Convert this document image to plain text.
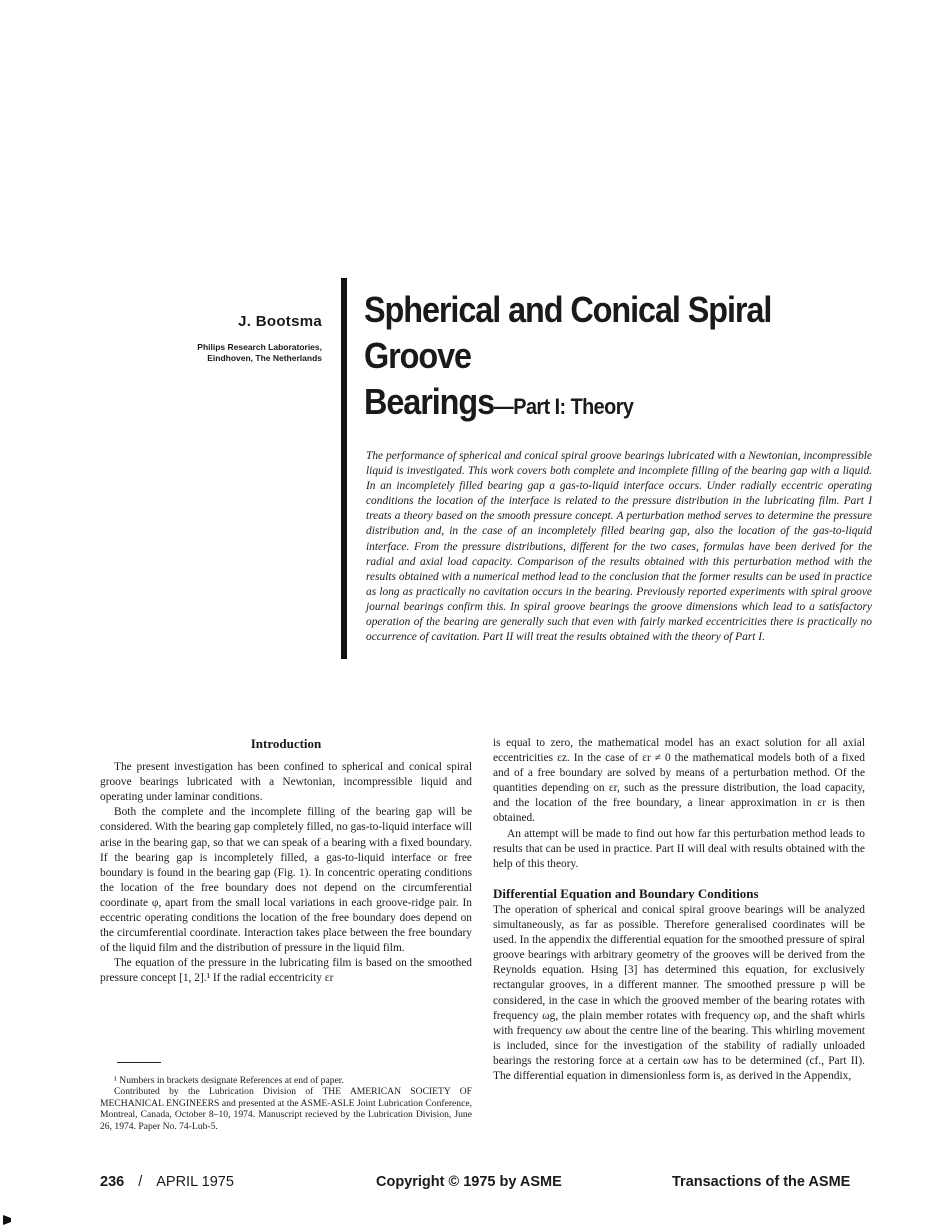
J. Bootsma
Philips Research Laboratories,
Eindhoven, The Netherlands
Spherical and Conical Spiral Groove
Bearings—Part I: Theory
The performance of spherical and conical spiral groove bearings lubricated with a Newtonian, incompressible liquid is investigated. This work covers both complete and incomplete filling of the bearing gap with a liquid. In an incompletely filled bearing gap a gas-to-liquid interface occurs. Under radially eccentric operating conditions the location of the interface is related to the pressure distribution in the lubricating film. Part I treats a theory based on the smooth pressure concept. A perturbation method serves to determine the pressure distribution and, in the case of an incompletely filled bearing gap, also the location of the gas-to-liquid interface. From the pressure distributions, different for the two cases, formulas have been derived for the radial and axial load capacity. Comparison of the results obtained with this perturbation method with the results obtained with a numerical method lead to the conclusion that the former results can be used in practice as long as practically no cavitation occurs in the bearing. Previously reported experiments with spiral groove journal bearings confirm this. In spiral groove bearings the groove dimensions which lead to a satisfactory operation of the bearing are generally such that even with fairly marked eccentricities there is practically no occurrence of cavitation. Part II will treat the results obtained with the theory of Part I.
Introduction

The present investigation has been confined to spherical and conical spiral groove bearings lubricated with a Newtonian, incompressible liquid and operating under laminar conditions.

Both the complete and the incomplete filling of the bearing gap will be considered. With the bearing gap completely filled, no gas-to-liquid interface will arise in the bearing gap, so that we can speak of a bearing with a fixed boundary. If the bearing gap is incompletely filled, a gas-to-liquid interface or free boundary is found in the bearing gap (Fig. 1). In concentric operating conditions the location of the free boundary does not depend on the circumferential coordinate φ, apart from the small local variations in each groove-ridge pair. In eccentric operating conditions the location of the free boundary does depend on the circumferential coordinate. Interaction takes place between the free boundary of the liquid film and the distribution of pressure in the liquid film.

The equation of the pressure in the lubricating film is based on the smoothed pressure concept [1, 2].¹ If the radial eccentricity εr

is equal to zero, the mathematical model has an exact solution for all axial eccentricities εz. In the case of εr ≠ 0 the mathematical models both of a fixed and of a free boundary are solved by means of a perturbation method. Of the quantities depending on εr, such as the pressure distribution, the load capacity, and the location of the free boundary, a linear approximation in εr is then obtained.

An attempt will be made to find out how far this perturbation method leads to results that can be used in practice. Part II will deal with results obtained with the help of this theory.

Differential Equation and Boundary Conditions

The operation of spherical and conical spiral groove bearings will be analyzed simultaneously, as far as possible. Therefore generalised coordinates will be used. In the appendix the differential equation for the smoothed pressure of spiral groove bearings with arbitrary geometry of the grooves will be derived from the Reynolds equation. Hsing [3] has determined this equation, for exclusively rectangular grooves, in a different manner. The smoothed pressure p will be considered, in the case in which the grooved member of the bearing rotates with frequency ωg, the plain member rotates with frequency ωp, and the shaft whirls with frequency ωw about the centre line of the bearing. This whirling movement is included, since for the investigation of the stability of radially unloaded bearings the restoring force at a certain ωw has to be determined (cf., Part II). The differential equation in dimensionless form is, as derived in the Appendix,

¹ Numbers in brackets designate References at end of paper.

Contributed by the Lubrication Division of THE AMERICAN SOCIETY OF MECHANICAL ENGINEERS and presented at the ASME-ASLE Joint Lubrication Conference, Montreal, Canada, October 8–10, 1974. Manuscript recieved by the Lubrication Division, June 26, 1974. Paper No. 74-Lub-5.

236 / APRIL 1975	Copyright © 1975 by ASME	Transactions of the ASME
